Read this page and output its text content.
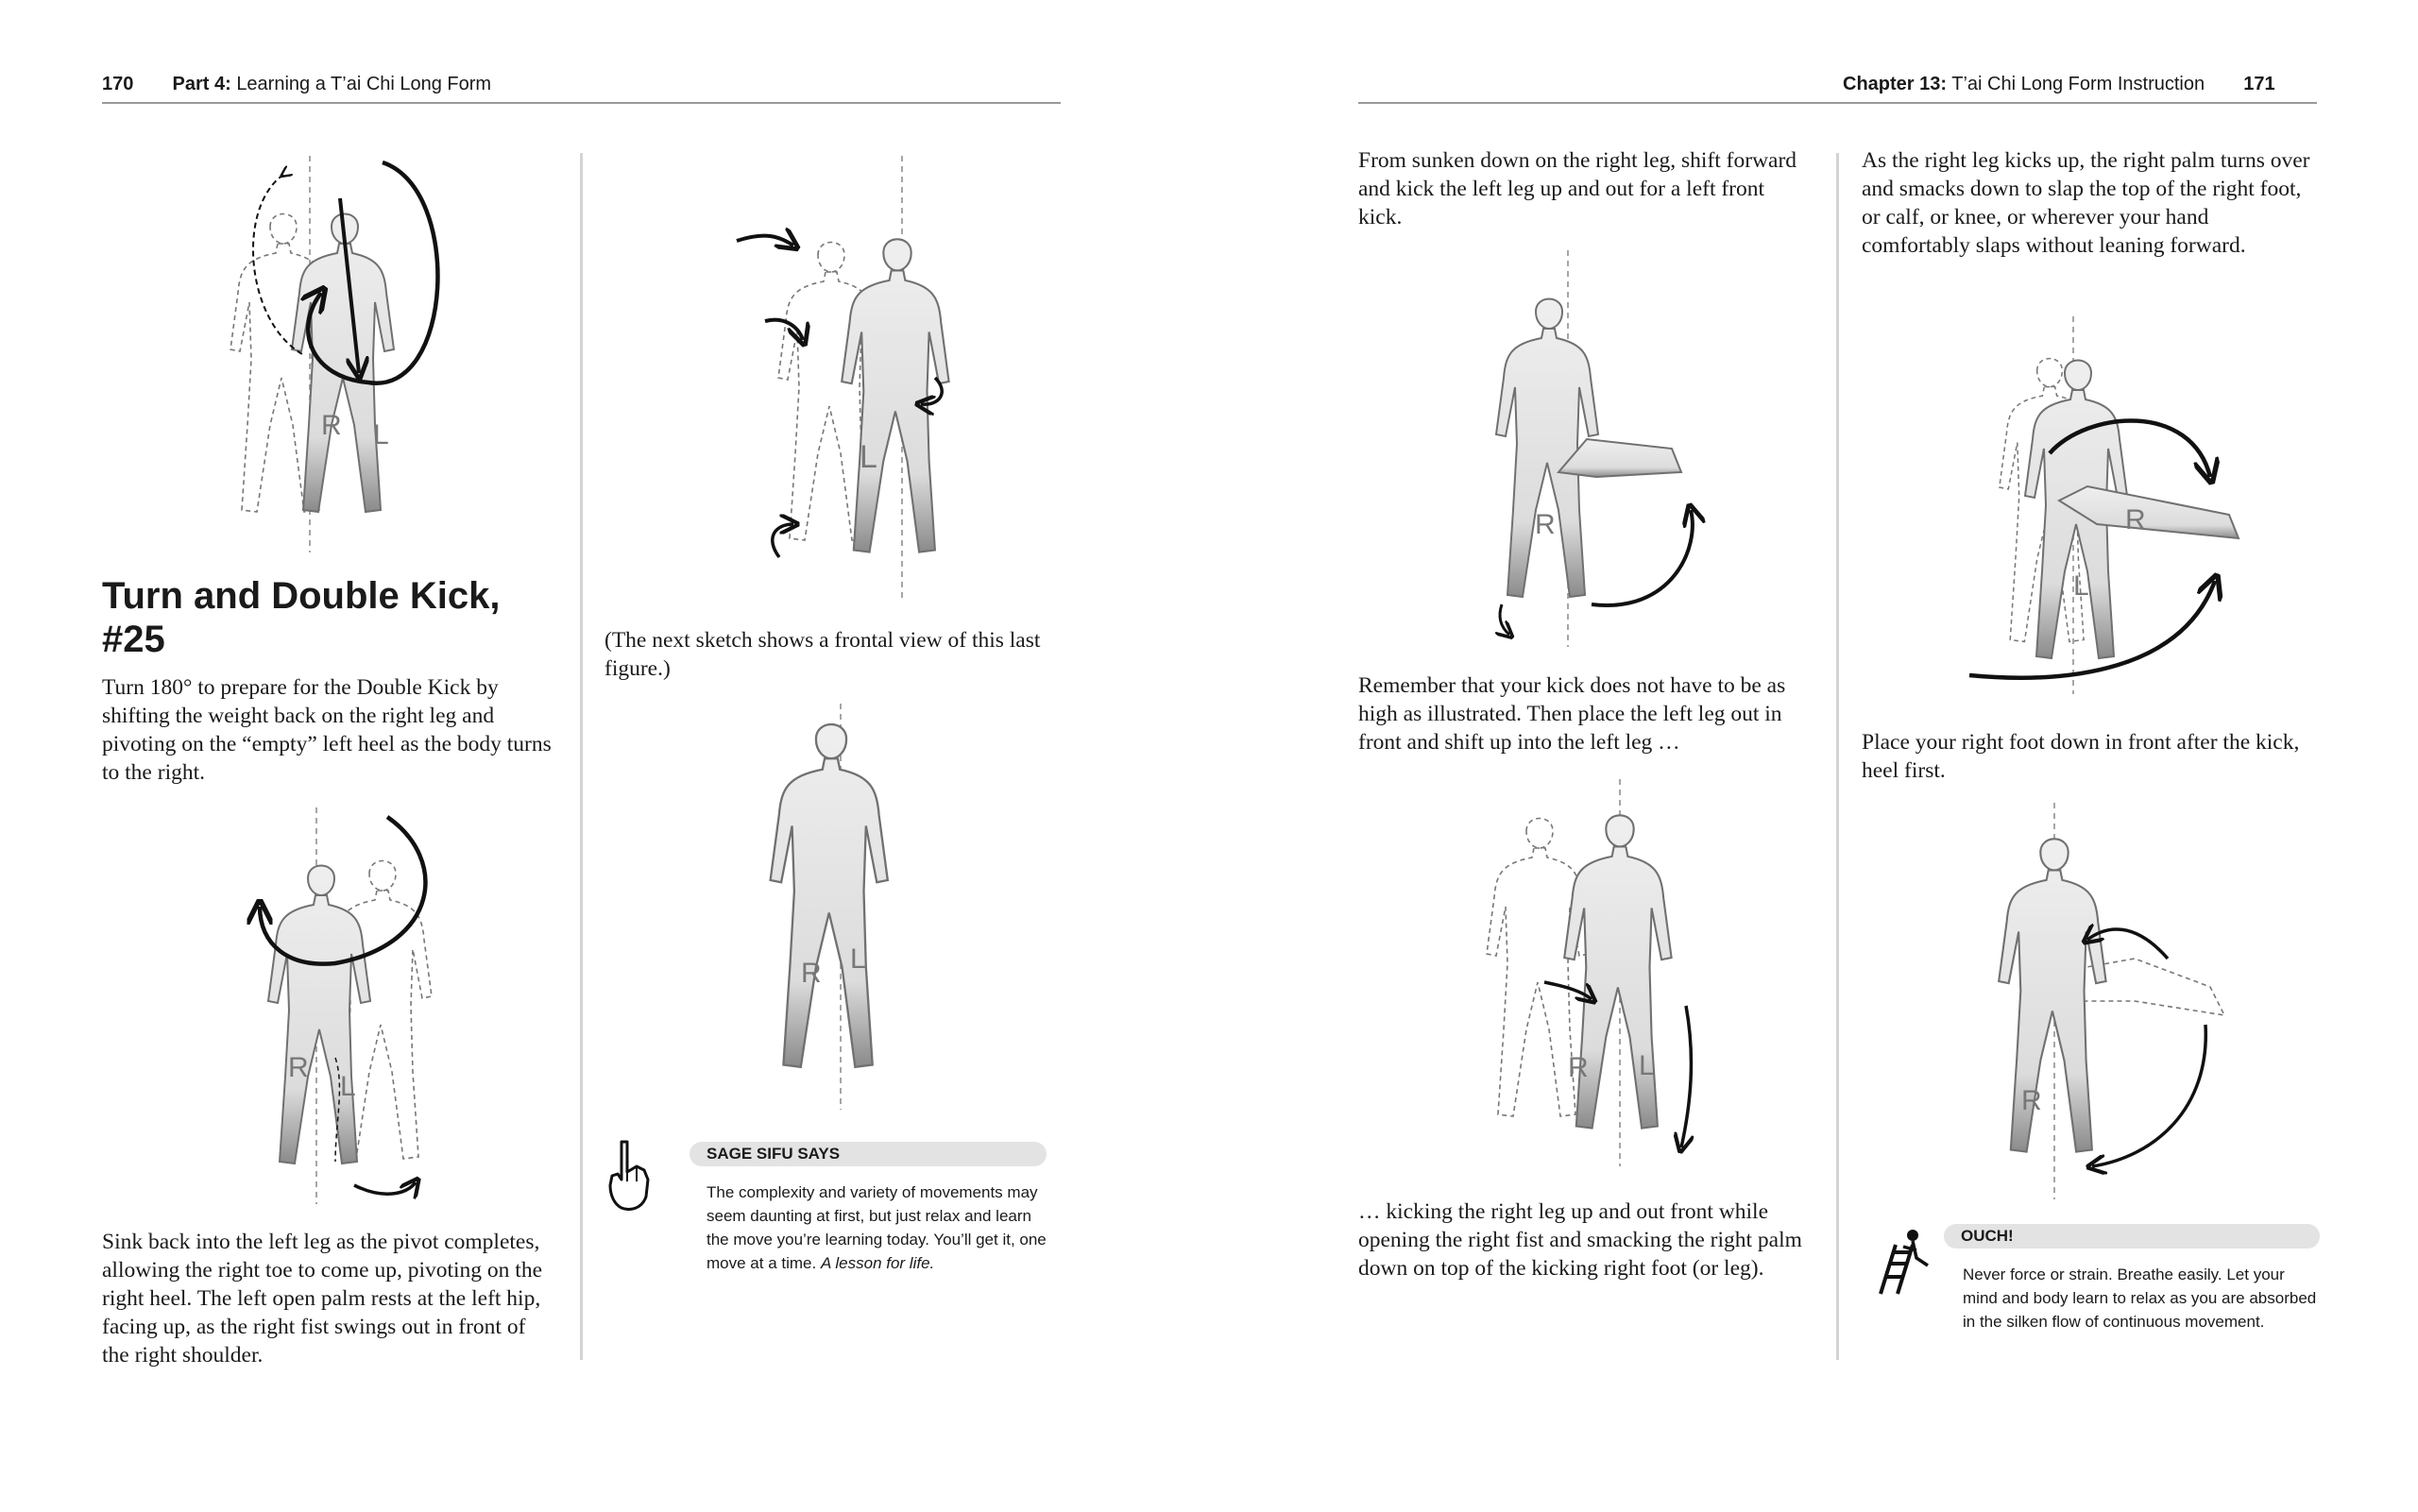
170 Part 4: Learning a T’ai Chi Long Form	Chapter 13: T’ai Chi Long Form Instruction 171
R L
Turn and Double Kick, #25
Turn 180° to prepare for the Double Kick by shifting the weight back on the right leg and pivoting on the “empty” left heel as the body turns to the right.
R
L
Sink back into the left leg as the pivot completes, allowing the right toe to come up, pivoting on the right heel. The left open palm rests at the left hip, facing up, as the right fist swings out in front of the right shoulder.
L
(The next sketch shows a frontal view of this last figure.)
R L
SAGE SIFU SAYS
The complexity and variety of movements may seem daunting at first, but just relax and learn the move you’re learning today. You’ll get it, one move at a time. A lesson for life.
From sunken down on the right leg, shift forward and kick the left leg up and out for a left front kick.
R
Remember that your kick does not have to be as high as illustrated. Then place the left leg out in front and shift up into the left leg …
R L
… kicking the right leg up and out front while opening the right fist and smacking the right palm down on top of the kicking right foot (or leg).
As the right leg kicks up, the right palm turns over and smacks down to slap the top of the right foot, or calf, or knee, or wherever your hand comfortably slaps without leaning forward.
R
L
Place your right foot down in front after the kick, heel first.
R
OUCH!
Never force or strain. Breathe easily. Let your mind and body learn to relax as you are absorbed in the silken flow of continuous movement.
